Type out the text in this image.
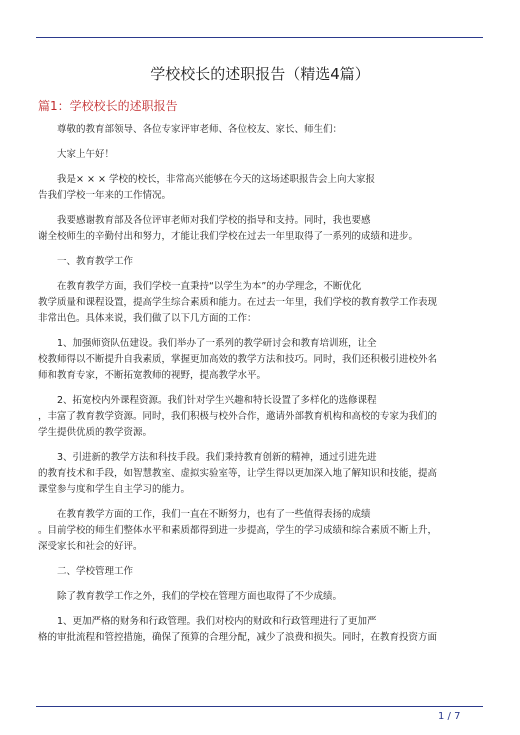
学校校长的述职报告（精选4篇）
篇1：学校校长的述职报告
尊敬的教育部领导、各位专家评审老师、各位校友、家长、师生们：
大家上午好！
我是× × × 学校的校长，非常高兴能够在今天的这场述职报告会上向大家报
告我们学校一年来的工作情况。
我要感谢教育部及各位评审老师对我们学校的指导和支持。同时，我也要感
谢全校师生的辛勤付出和努力，才能让我们学校在过去一年里取得了一系列的成绩和进步。
一、教育教学工作
在教育教学方面，我们学校一直秉持“以学生为本”的办学理念，不断优化
教学质量和课程设置，提高学生综合素质和能力。在过去一年里，我们学校的教育教学工作表现
非常出色。具体来说，我们做了以下几方面的工作：
1、加强师资队伍建设。我们举办了一系列的教学研讨会和教育培训班，让全
校教师得以不断提升自我素质，掌握更加高效的教学方法和技巧。同时，我们还积极引进校外名
师和教育专家，不断拓宽教师的视野，提高教学水平。
2、拓宽校内外课程资源。我们针对学生兴趣和特长设置了多样化的选修课程
，丰富了教育教学资源。同时，我们积极与校外合作，邀请外部教育机构和高校的专家为我们的
学生提供优质的教学资源。
3、引进新的教学方法和科技手段。我们秉持教育创新的精神，通过引进先进
的教育技术和手段，如智慧教室、虚拟实验室等，让学生得以更加深入地了解知识和技能，提高
课堂参与度和学生自主学习的能力。
在教育教学方面的工作，我们一直在不断努力，也有了一些值得表扬的成绩
。目前学校的师生们整体水平和素质都得到进一步提高，学生的学习成绩和综合素质不断上升，
深受家长和社会的好评。
二、学校管理工作
除了教育教学工作之外，我们的学校在管理方面也取得了不少成绩。
1、更加严格的财务和行政管理。我们对校内的财政和行政管理进行了更加严
格的审批流程和管控措施，确保了预算的合理分配，减少了浪费和损失。同时，在教育投资方面
1 / 7
